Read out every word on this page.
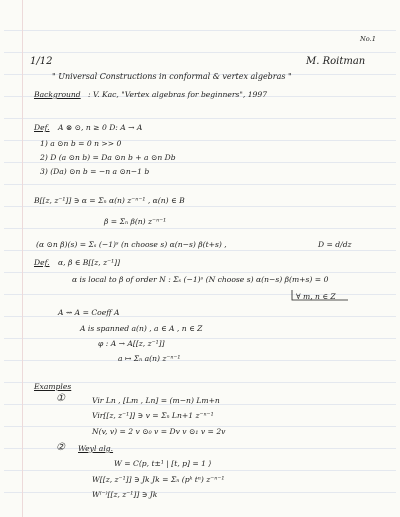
No.1
1/12	M. Roitman
" Universal Constructions in conformal & vertex algebras "
Background : V. Kac, "Vertex algebras for beginners", 1997
Def. A ⊗ ⊙, n ≥ 0 D: A → A
1) a ⊙n b = 0 n >> 0
2) D (a ⊙n b) = Da ⊙n b + a ⊙n Db
3) (Da) ⊙n b = −n a ⊙n−1 b
B[[z, z⁻¹]] ∋ α = Σₙ α(n) z⁻ⁿ⁻¹ , α(n) ∈ B
β = Σₙ β(n) z⁻ⁿ⁻¹
(α ⊙n β)(s) = Σₛ (−1)ˢ (n choose s) α(n−s) β(t+s) ,	D = d/dz
Def. α, β ∈ B[[z, z⁻¹]]
α is local to β of order N : Σₛ (−1)ˢ (N choose s) α(n−s) β(m+s) = 0
∀ m, n ∈ Z
A ⇝ A = Coeff A
A is spanned a(n) , a ∈ A , n ∈ Z
φ : A → A[[z, z⁻¹]]
a ↦ Σₙ a(n) z⁻ⁿ⁻¹
Examples
①	Vir Ln , [Lm , Ln] = (m−n) Lm+n
Vir[[z, z⁻¹]] ∋ v = Σₙ Ln+1 z⁻ⁿ⁻¹
N(v, v) = 2 v ⊙₀ v = Dv v ⊙₁ v = 2v
② Weyl alg.
W = C⟨p, t±¹ | [t, p] = 1 ⟩
W[[z, z⁻¹]] ∋ Jk Jk = Σₙ (pᵏ tⁿ) z⁻ⁿ⁻¹
W⁽⁻⁾[[z, z⁻¹]] ∋ Jk
